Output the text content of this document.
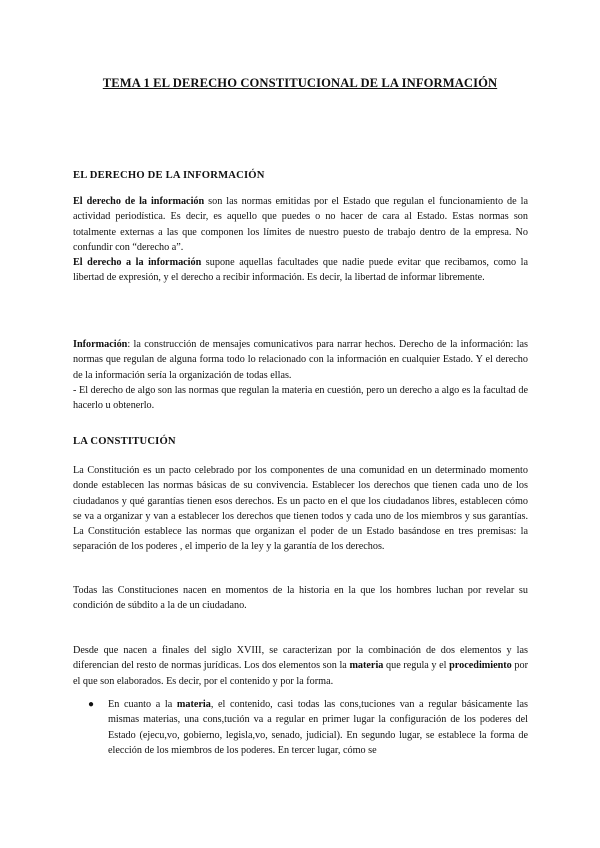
TEMA 1 EL DERECHO CONSTITUCIONAL DE LA INFORMACIÓN
EL DERECHO DE LA INFORMACIÓN
El derecho de la información son las normas emitidas por el Estado que regulan el funcionamiento de la actividad periodística. Es decir, es aquello que puedes o no hacer de cara al Estado. Estas normas son totalmente externas a las que componen los límites de nuestro puesto de trabajo dentro de la empresa. No confundir con “derecho a”.
El derecho a la información supone aquellas facultades que nadie puede evitar que recibamos, como la libertad de expresión, y el derecho a recibir información. Es decir, la libertad de informar libremente.
Información: la construcción de mensajes comunicativos para narrar hechos. Derecho de la información: las normas que regulan de alguna forma todo lo relacionado con la información en cualquier Estado. Y el derecho de la información sería la organización de todas ellas.
- El derecho de algo son las normas que regulan la materia en cuestión, pero un derecho a algo es la facultad de hacerlo u obtenerlo.
LA CONSTITUCIÓN
La Constitución es un pacto celebrado por los componentes de una comunidad en un determinado momento donde establecen las normas básicas de su convivencia. Establecer los derechos que tienen cada uno de los ciudadanos y qué garantías tienen esos derechos. Es un pacto en el que los ciudadanos libres, establecen cómo se va a organizar y van a establecer los derechos que tienen todos y cada uno de los miembros y sus garantías. La Constitución establece las normas que organizan el poder de un Estado basándose en tres premisas: la separación de los poderes , el imperio de la ley y la garantía de los derechos.
Todas las Constituciones nacen en momentos de la historia en la que los hombres luchan por revelar su condición de súbdito a la de un ciudadano.
Desde que nacen a finales del siglo XVIII, se caracterizan por la combinación de dos elementos y las diferencian del resto de normas jurídicas. Los dos elementos son la materia que regula y el procedimiento por el que son elaborados. Es decir, por el contenido y por la forma.
● En cuanto a la materia, el contenido, casi todas las cons,tuciones van a regular básicamente las mismas materias, una cons,tución va a regular en primer lugar la configuración de los poderes del Estado (ejecu,vo, gobierno, legisla,vo, senado, judicial). En segundo lugar, se establece la forma de elección de los miembros de los poderes. En tercer lugar, cómo se
